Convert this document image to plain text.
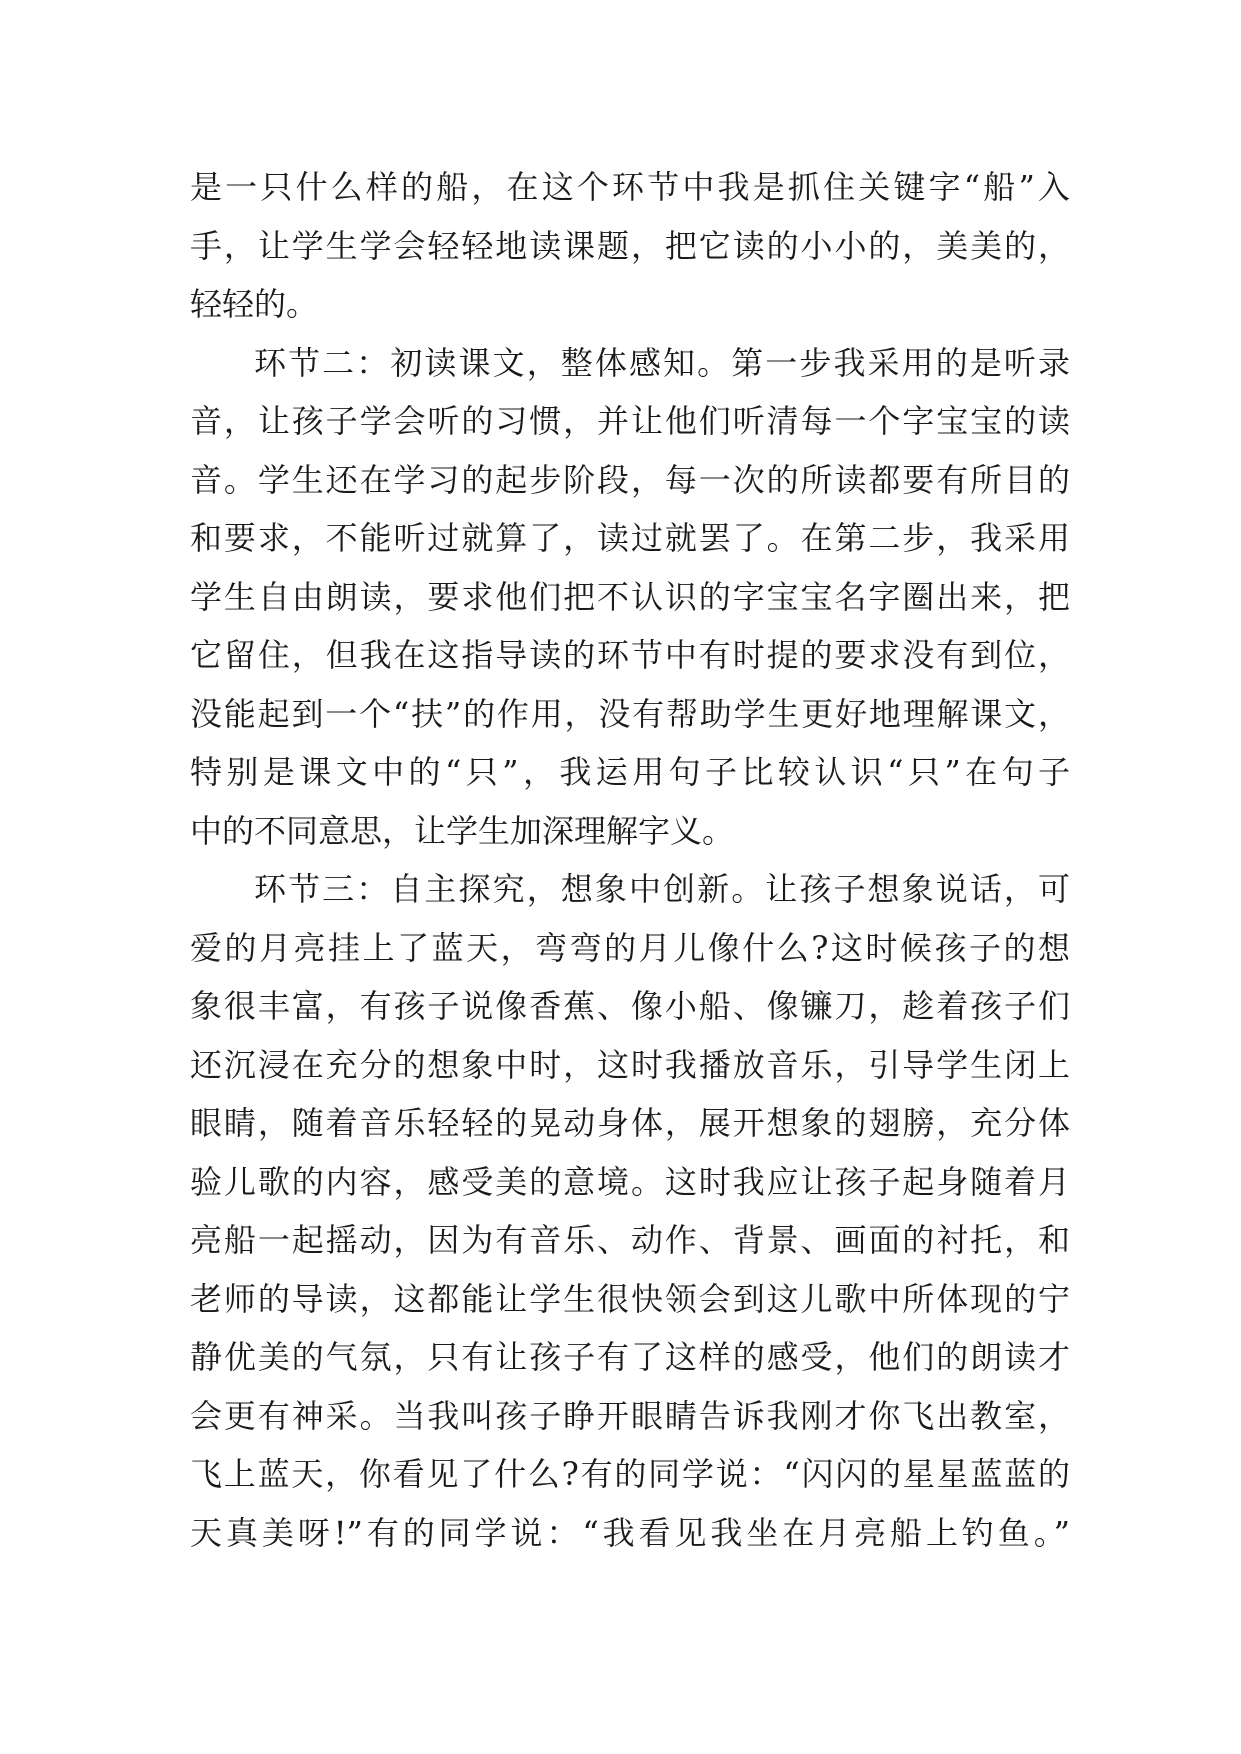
是一只什么样的船，在这个环节中我是抓住关键字“船”入
手，让学生学会轻轻地读课题，把它读的小小的，美美的，
轻轻的。
环节二：初读课文，整体感知。第一步我采用的是听录
音，让孩子学会听的习惯，并让他们听清每一个字宝宝的读
音。学生还在学习的起步阶段，每一次的所读都要有所目的
和要求，不能听过就算了，读过就罢了。在第二步，我采用
学生自由朗读，要求他们把不认识的字宝宝名字圈出来，把
它留住，但我在这指导读的环节中有时提的要求没有到位，
没能起到一个“扶”的作用，没有帮助学生更好地理解课文，
特别是课文中的“只”，我运用句子比较认识“只”在句子
中的不同意思，让学生加深理解字义。
环节三：自主探究，想象中创新。让孩子想象说话，可
爱的月亮挂上了蓝天，弯弯的月儿像什么?这时候孩子的想
象很丰富，有孩子说像香蕉、像小船、像镰刀，趁着孩子们
还沉浸在充分的想象中时，这时我播放音乐，引导学生闭上
眼睛，随着音乐轻轻的晃动身体，展开想象的翅膀，充分体
验儿歌的内容，感受美的意境。这时我应让孩子起身随着月
亮船一起摇动，因为有音乐、动作、背景、画面的衬托，和
老师的导读，这都能让学生很快领会到这儿歌中所体现的宁
静优美的气氛，只有让孩子有了这样的感受，他们的朗读才
会更有神采。当我叫孩子睁开眼睛告诉我刚才你飞出教室，
飞上蓝天，你看见了什么?有的同学说：“闪闪的星星蓝蓝的
天真美呀!”有的同学说：“我看见我坐在月亮船上钓鱼。”
